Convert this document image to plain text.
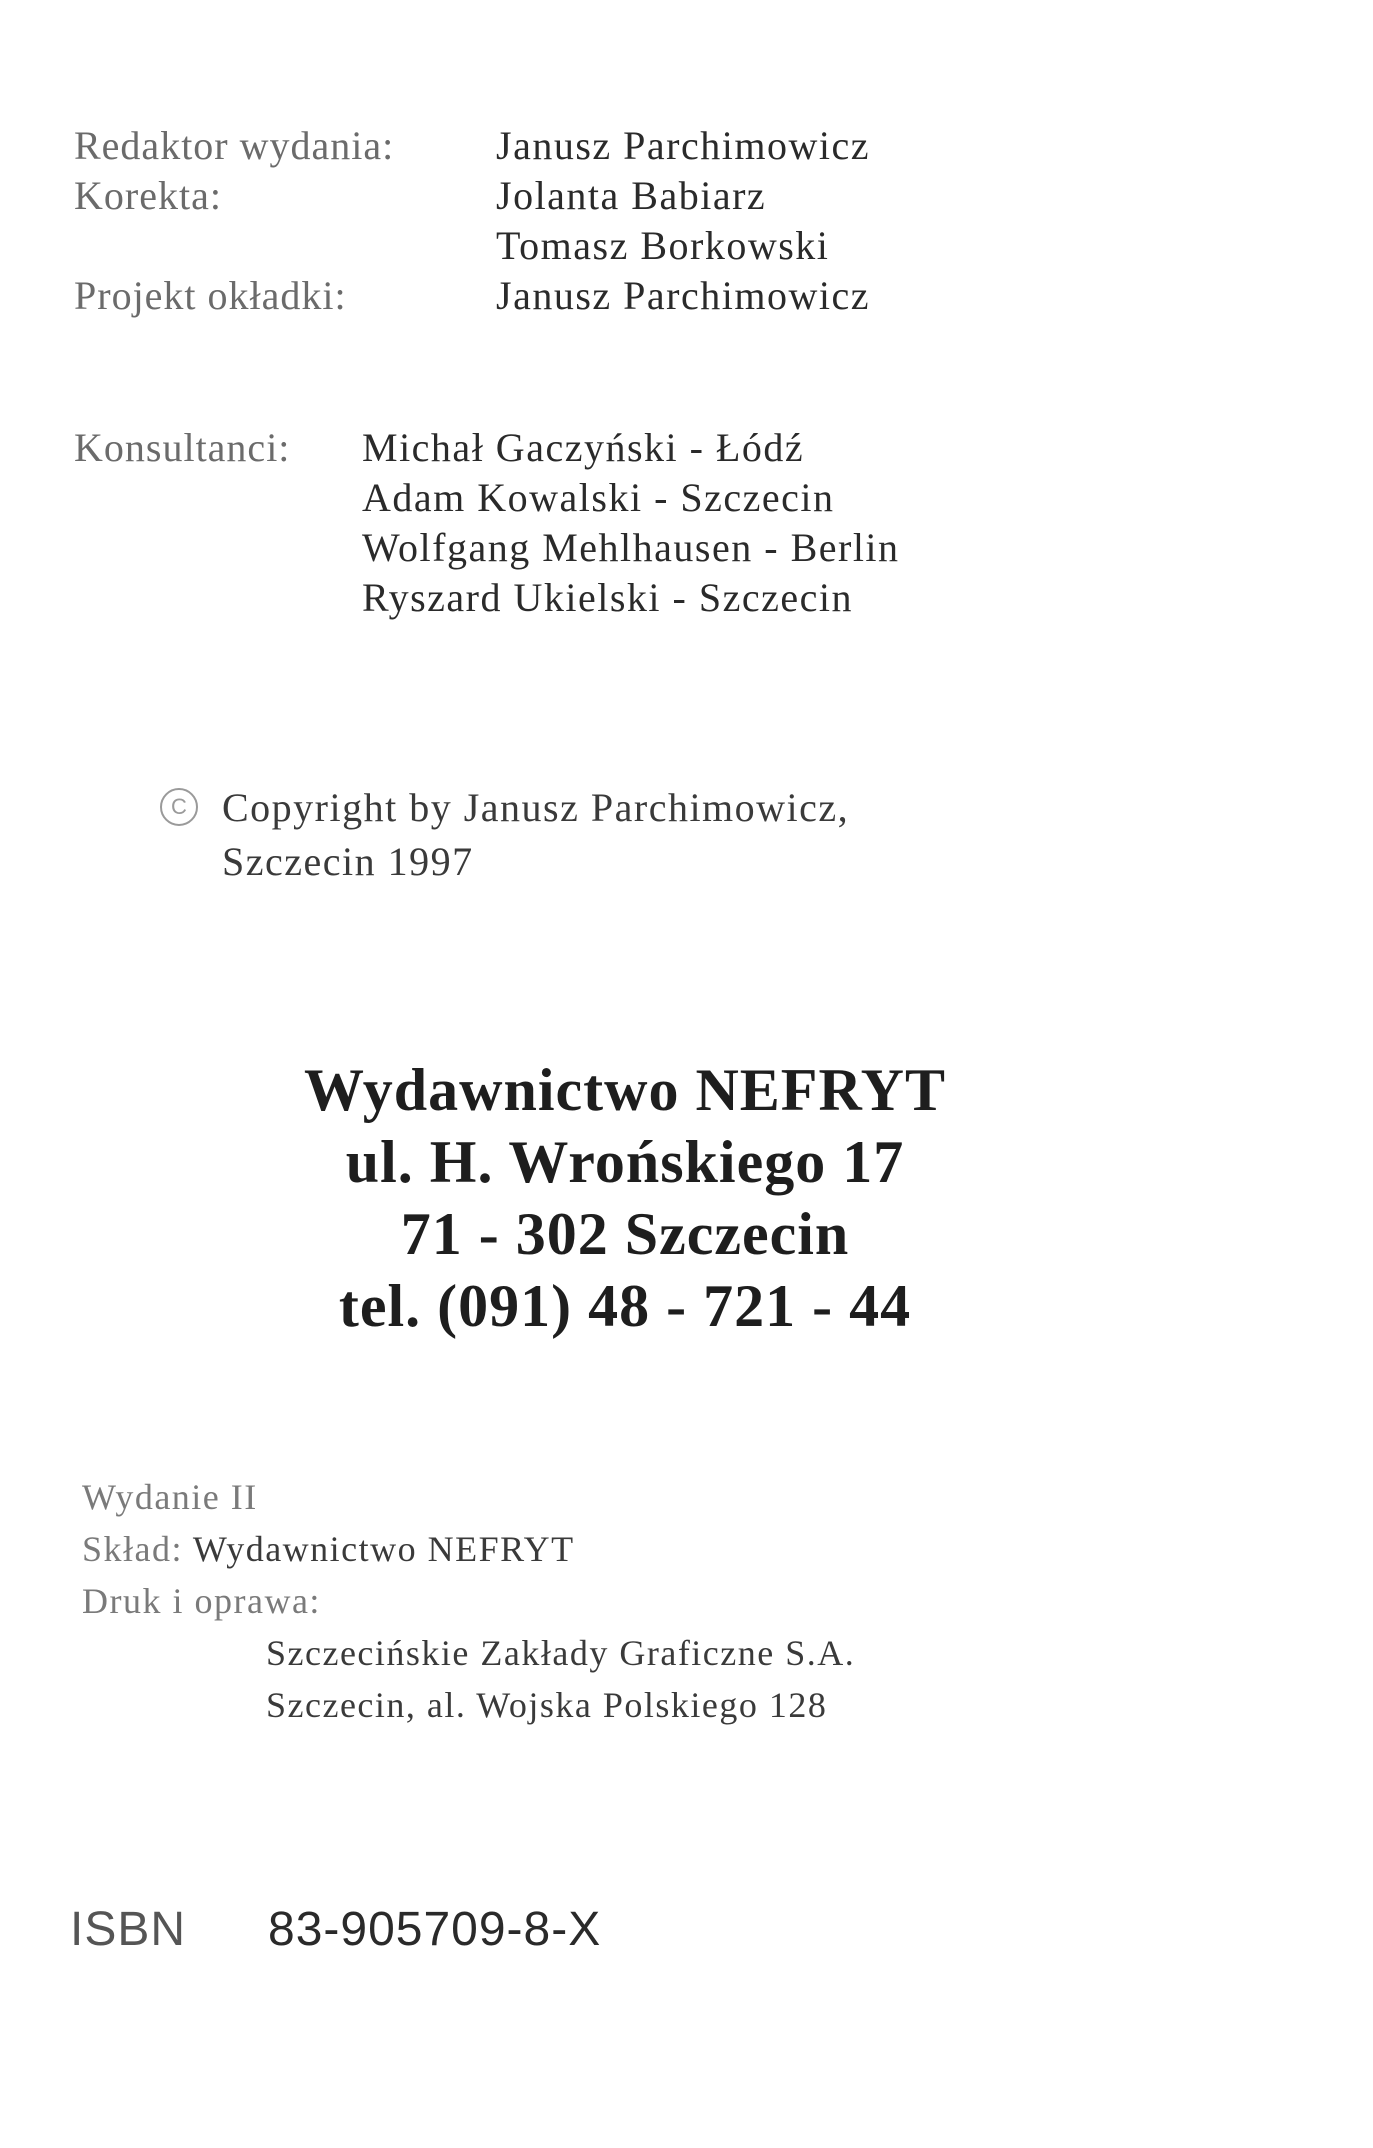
Redaktor wydania:	Janusz Parchimowicz
Korekta:	Jolanta Babiarz
Tomasz Borkowski
Projekt okładki:	Janusz Parchimowicz
Konsultanci: Michał Gaczyński - Łódź
Adam Kowalski - Szczecin
Wolfgang Mehlhausen - Berlin
Ryszard Ukielski - Szczecin
C Copyright by Janusz Parchimowicz,
Szczecin 1997
Wydawnictwo NEFRYT
ul. H. Wrońskiego 17
71 - 302 Szczecin
tel. (091) 48 - 721 - 44
Wydanie II
Skład: Wydawnictwo NEFRYT
Druk i oprawa:
Szczecińskie Zakłady Graficzne S.A.
Szczecin, al. Wojska Polskiego 128
ISBN 83-905709-8-X
